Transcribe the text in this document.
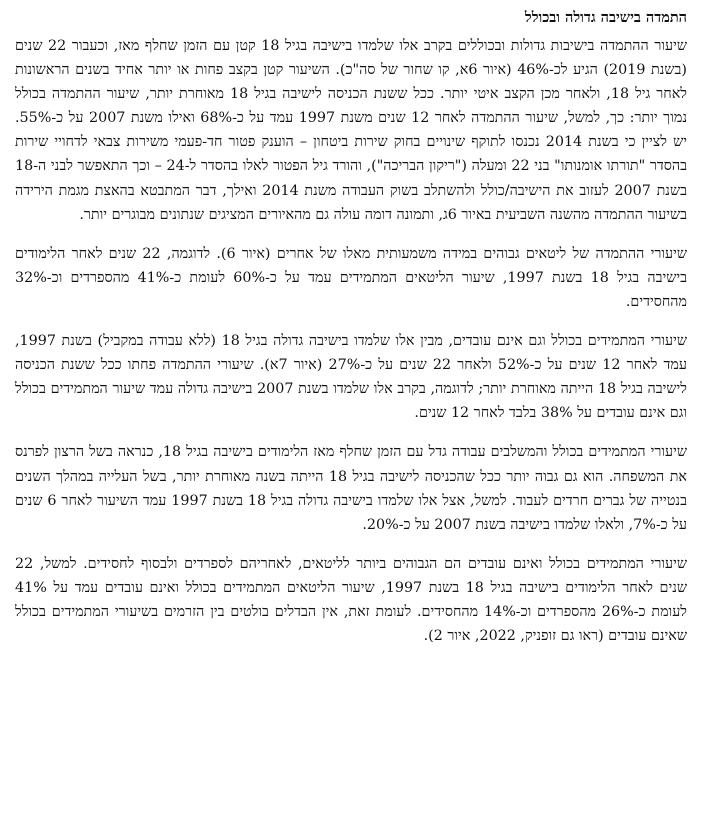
התמדה בישיבה גדולה ובכולל

שיעור ההתמדה בישיבות גדולות ובכוללים בקרב אלו שלמדו בישיבה בגיל 18 קטן עם הזמן שחלף מאז, וכעבור 22 שנים (בשנת 2019) הגיע לכ-46% (איור 6א, קו שחור של סה"כ). השיעור קטן בקצב פחות או יותר אחיד בשנים הראשונות לאחר גיל 18, ולאחר מכן הקצב איטי יותר. ככל ששנת הכניסה לישיבה בגיל 18 מאוחרת יותר, שיעור ההתמדה בכולל נמוך יותר: כך, למשל, שיעור ההתמדה לאחר 12 שנים משנת 1997 עמד על כ-68% ואילו משנת 2007 על כ-55%. יש לציין כי בשנת 2014 נכנסו לתוקף שינויים בחוק שירות ביטחון – הוענק פטור חד-פעמי משירות צבאי לדחויי שירות בהסדר "תורתו אומנותו" בני 22 ומעלה ("ריקון הבריכה"), והורד גיל הפטור לאלו בהסדר ל-24 – וכך התאפשר לבני ה-18 בשנת 2007 לעזוב את הישיבה/כולל ולהשתלב בשוק העבודה משנת 2014 ואילך, דבר המתבטא בהאצת מגמת הירידה בשיעור ההתמדה מהשנה השביעית באיור 6ג, ותמונה דומה עולה גם מהאיורים המציגים שנתונים מבוגרים יותר.

שיעורי ההתמדה של ליטאים גבוהים במידה משמעותית מאלו של אחרים (איור 6). לדוגמה, 22 שנים לאחר הלימודים בישיבה בגיל 18 בשנת 1997, שיעור הליטאים המתמידים עמד על כ-60% לעומת כ-41% מהספרדים וכ-32% מהחסידים.

שיעורי המתמידים בכולל וגם אינם עובדים, מבין אלו שלמדו בישיבה גדולה בגיל 18 (ללא עבודה במקביל) בשנת 1997, עמד לאחר 12 שנים על כ-52% ולאחר 22 שנים על כ-27% (איור 7א). שיעורי ההתמדה פחתו ככל ששנת הכניסה לישיבה בגיל 18 הייתה מאוחרת יותר; לדוגמה, בקרב אלו שלמדו בשנת 2007 בישיבה גדולה עמד שיעור המתמידים בכולל וגם אינם עובדים על 38% בלבד לאחר 12 שנים.

שיעורי המתמידים בכולל והמשלבים עבודה גדל עם הזמן שחלף מאז הלימודים בישיבה בגיל 18, כנראה בשל הרצון לפרנס את המשפחה. הוא גם גבוה יותר ככל שהכניסה לישיבה בגיל 18 הייתה בשנה מאוחרת יותר, בשל העלייה במהלך השנים בנטייה של גברים חרדים לעבוד. למשל, אצל אלו שלמדו בישיבה גדולה בגיל 18 בשנת 1997 עמד השיעור לאחר 6 שנים על כ-7%, ולאלו שלמדו בישיבה בשנת 2007 על כ-20%.

שיעורי המתמידים בכולל ואינם עובדים הם הגבוהים ביותר לליטאים, לאחריהם לספרדים ולבסוף לחסידים. למשל, 22 שנים לאחר הלימודים בישיבה בגיל 18 בשנת 1997, שיעור הליטאים המתמידים בכולל ואינם עובדים עמד על 41% לעומת כ-26% מהספרדים וכ-14% מהחסידים. לעומת זאת, אין הבדלים בולטים בין הזרמים בשיעורי המתמידים בכולל שאינם עובדים (ראו גם זופניק, 2022, איור 2).
